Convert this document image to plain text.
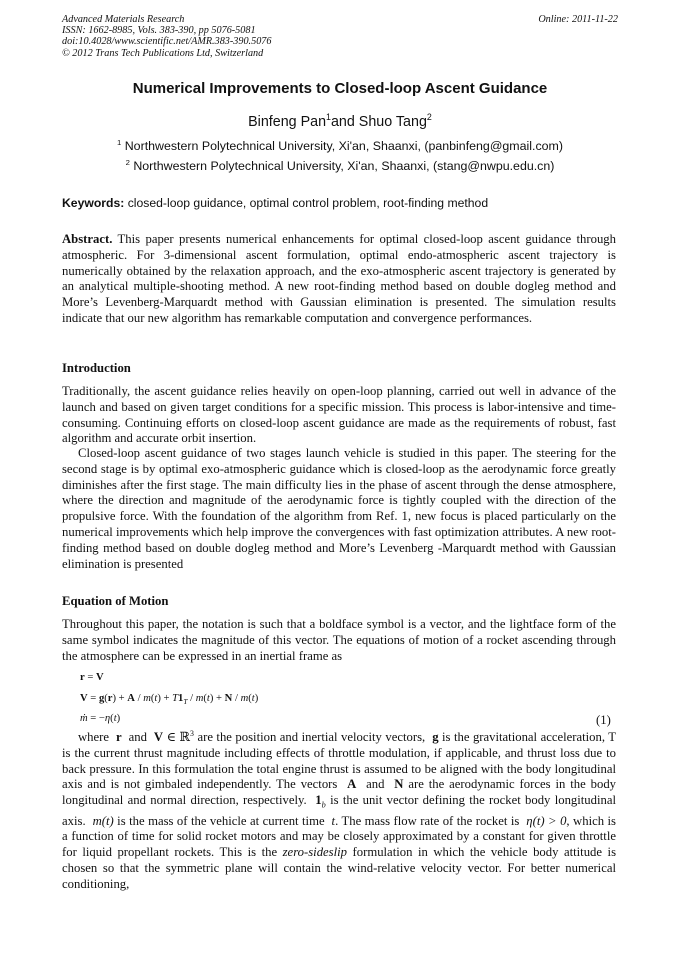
Advanced Materials Research
ISSN: 1662-8985, Vols. 383-390, pp 5076-5081
doi:10.4028/www.scientific.net/AMR.383-390.5076
© 2012 Trans Tech Publications Ltd, Switzerland
Online: 2011-11-22
Numerical Improvements to Closed-loop Ascent Guidance
Binfeng Pan$^1$and Shuo Tang$^2$
$^1$ Northwestern Polytechnical University, Xi'an, Shaanxi, (panbinfeng@gmail.com)
$^2$ Northwestern Polytechnical University, Xi'an, Shaanxi, (stang@nwpu.edu.cn)
Keywords: closed-loop guidance, optimal control problem, root-finding method
Abstract. This paper presents numerical enhancements for optimal closed-loop ascent guidance through atmospheric. For 3-dimensional ascent formulation, optimal endo-atmospheric ascent trajectory is numerically obtained by the relaxation approach, and the exo-atmospheric ascent trajectory is generated by an analytical multiple-shooting method. A new root-finding method based on double dogleg method and More’s Levenberg-Marquardt method with Gaussian elimination is presented. The simulation results indicate that our new algorithm has remarkable computation and convergence performances.
Introduction
Traditionally, the ascent guidance relies heavily on open-loop planning, carried out well in advance of the launch and based on given target conditions for a specific mission. This process is labor-intensive and time-consuming. Continuing efforts on closed-loop ascent guidance are made as the requirements of robust, fast algorithm and accurate orbit insertion.
Closed-loop ascent guidance of two stages launch vehicle is studied in this paper. The steering for the second stage is by optimal exo-atmospheric guidance which is closed-loop as the aerodynamic force greatly diminishes after the first stage. The main difficulty lies in the phase of ascent through the dense atmosphere, where the direction and magnitude of the aerodynamic force is tightly coupled with the direction of the propulsive force. With the foundation of the algorithm from Ref. 1, new focus is placed particularly on the numerical improvements which help improve the convergences with fast optimization attributes. A new root-finding method based on double dogleg method and More’s Levenberg -Marquardt method with Gaussian elimination is presented
Equation of Motion
Throughout this paper, the notation is such that a boldface symbol is a vector, and the lightface form of the same symbol indicates the magnitude of this vector. The equations of motion of a rocket ascending through the atmosphere can be expressed in an inertial frame as
r = V
$V = g(r) + A / m(t) + T1_T / m(t) + N / m(t)$
ṁ = −η(t)	(1)
where r and V ∈ ℝ$^3$ are the position and inertial velocity vectors, g is the gravitational acceleration, T is the current thrust magnitude including effects of throttle modulation, if applicable, and thrust loss due to back pressure. In this formulation the total engine thrust is assumed to be aligned with the body longitudinal axis and is not gimbaled independently. The vectors A and N are the aerodynamic forces in the body longitudinal and normal direction, respectively. $1_b$ is the unit vector defining the rocket body longitudinal axis. m(t) is the mass of the vehicle at current time t. The mass flow rate of the rocket is η(t) > 0, which is a function of time for solid rocket motors and may be closely approximated by a constant for given throttle for liquid propellant rockets. This is the zero-sideslip formulation in which the vehicle body attitude is chosen so that the symmetric plane will contain the wind-relative velocity vector. For better numerical conditioning,
